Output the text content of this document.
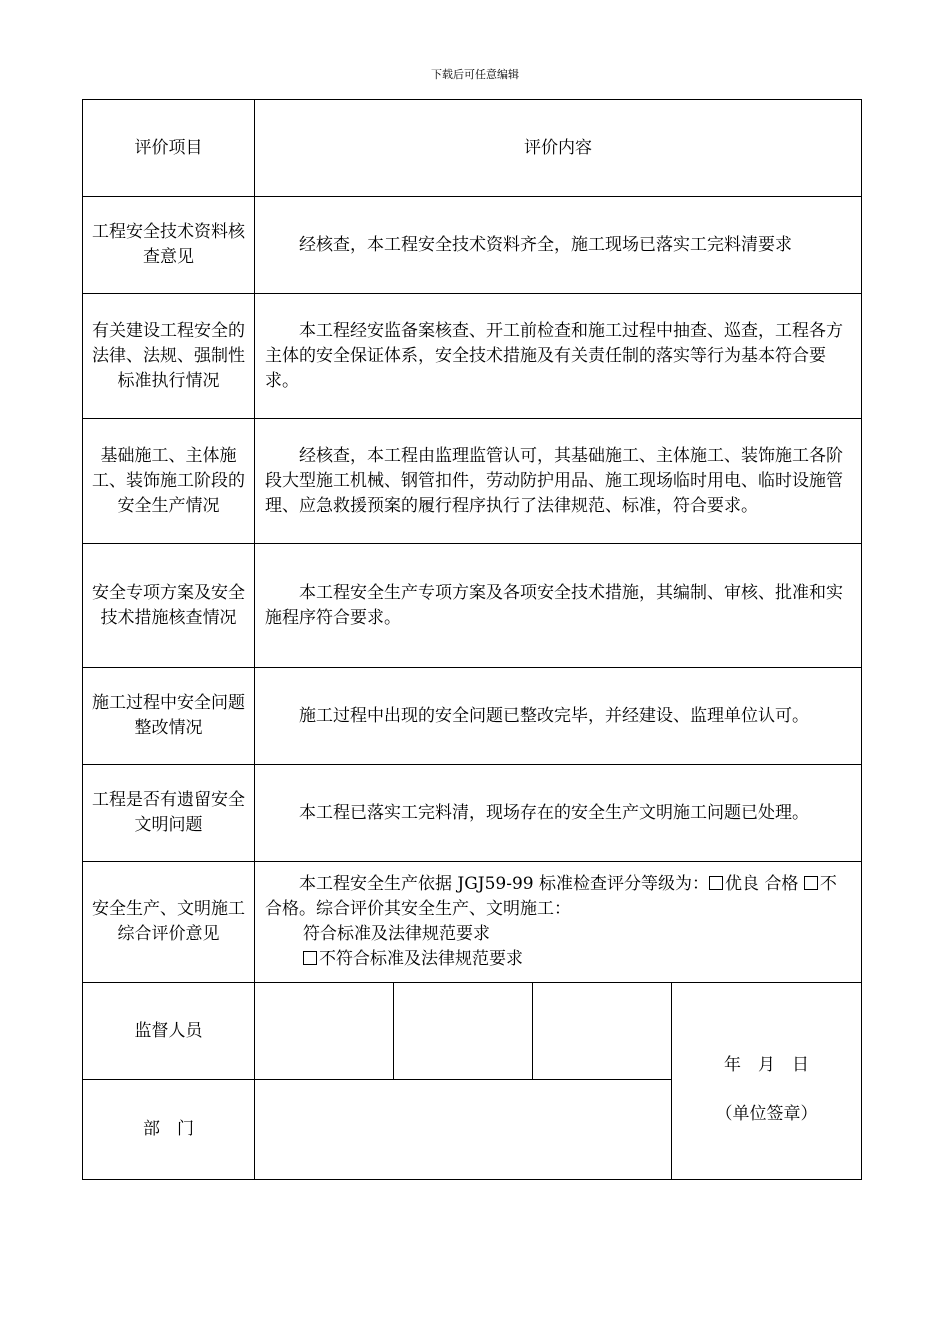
下载后可任意编辑
评价项目	评价内容			
工程安全技术资料核查意见	经核查，本工程安全技术资料齐全，施工现场已落实工完料清要求			
有关建设工程安全的法律、法规、强制性标准执行情况	本工程经安监备案核查、开工前检查和施工过程中抽查、巡查，工程各方主体的安全保证体系，安全技术措施及有关责任制的落实等行为基本符合要求。			
基础施工、主体施工、装饰施工阶段的安全生产情况	经核查，本工程由监理监管认可，其基础施工、主体施工、装饰施工各阶段大型施工机械、钢管扣件，劳动防护用品、施工现场临时用电、临时设施管理、应急救援预案的履行程序执行了法律规范、标准，符合要求。			
安全专项方案及安全技术措施核查情况	本工程安全生产专项方案及各项安全技术措施，其编制、审核、批准和实施程序符合要求。			
施工过程中安全问题整改情况	施工过程中出现的安全问题已整改完毕，并经建设、监理单位认可。			
工程是否有遗留安全文明问题	本工程已落实工完料清，现场存在的安全生产文明施工问题已处理。			
安全生产、文明施工综合评价意见	本工程安全生产依据 JGJ59-99 标准检查评分等级为： 优良 合格 不合格。综合评价其安全生产、文明施工：
符合标准及法律规范要求
不符合标准及法律规范要求			

监督人员				年　月　日
（单位签章）

部　门				
